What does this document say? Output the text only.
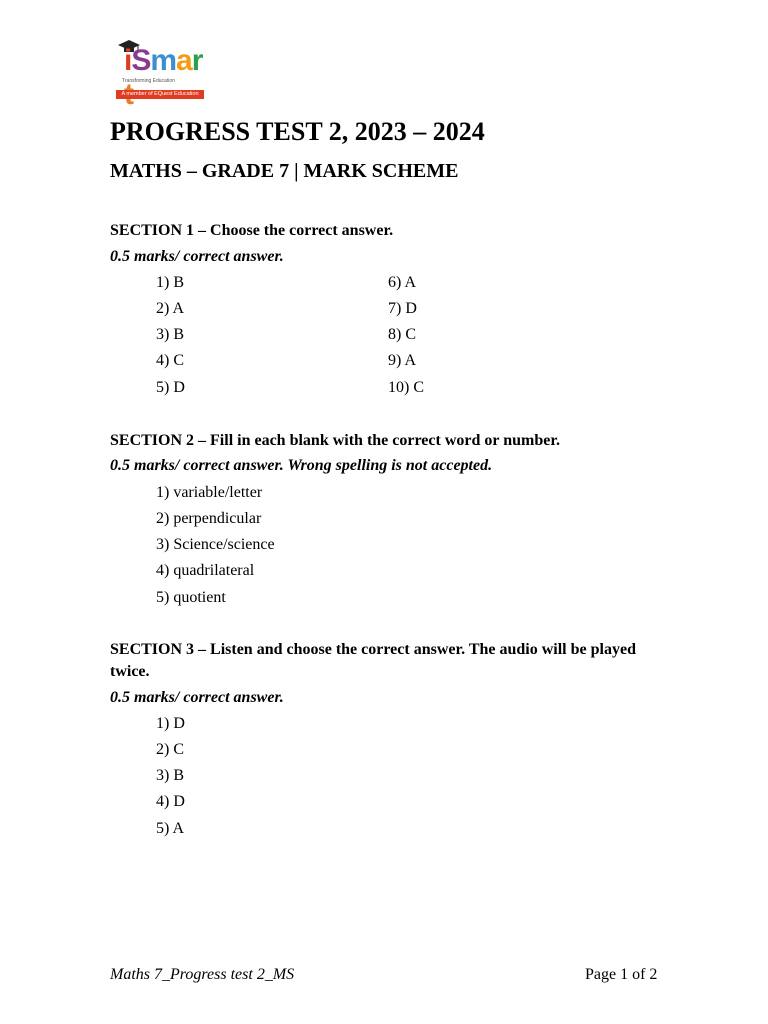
iSmar
Transforming Education
A member of EQuest Education
PROGRESS TEST 2, 2023 – 2024
MATHS – GRADE 7 | MARK SCHEME
SECTION 1 – Choose the correct answer.
0.5 marks/ correct answer.
1) B
2) A
3) B
4) C
5) D
6) A
7) D
8) C
9) A
10) C
SECTION 2 – Fill in each blank with the correct word or number.
0.5 marks/ correct answer. Wrong spelling is not accepted.
1) variable/letter
2) perpendicular
3) Science/science
4) quadrilateral
5) quotient
SECTION 3 – Listen and choose the correct answer. The audio will be played twice.
0.5 marks/ correct answer.
1) D
2) C
3) B
4) D
5) A
Maths 7_Progress test 2_MS	Page 1 of 2
